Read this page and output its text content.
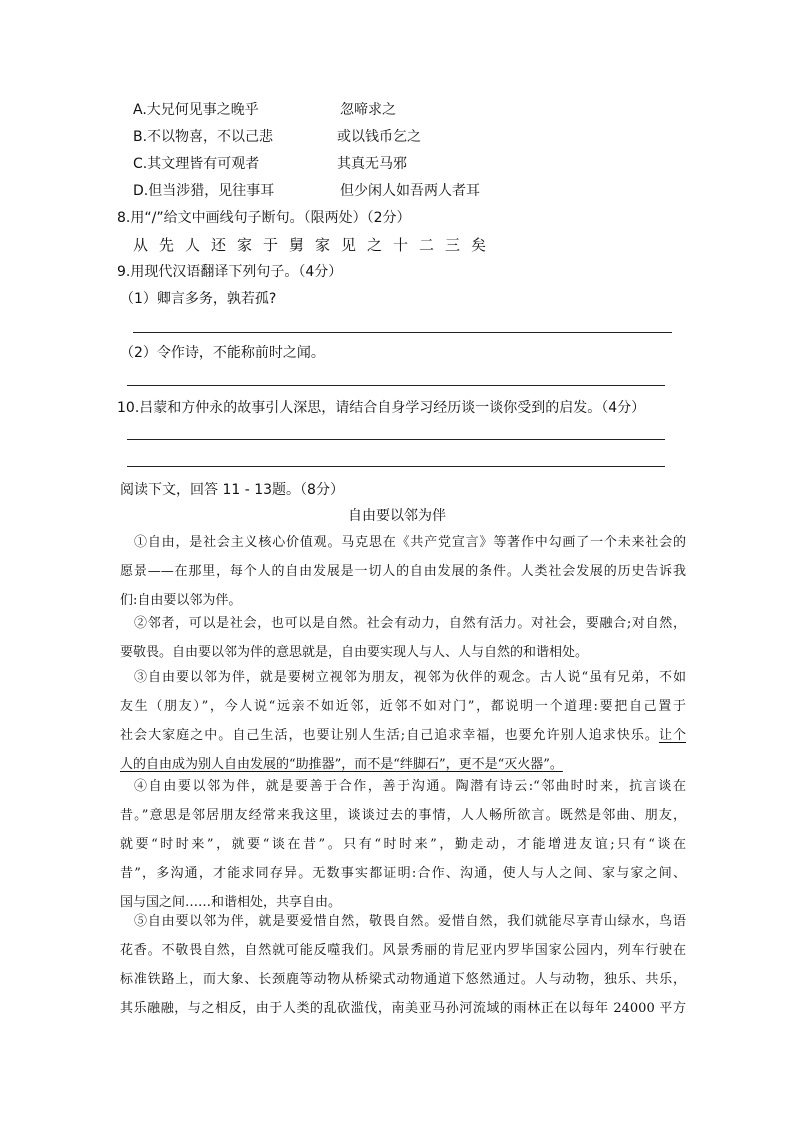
A.大兄何见事之晚乎	忽啼求之
B.不以物喜，不以己悲	或以钱币乞之
C.其文理皆有可观者	其真无马邪
D.但当涉猎，见往事耳	但少闲人如吾两人者耳
8.用“/”给文中画线句子断句。（限两处）（2分）
从先人还家于舅家见之十二三矣
9.用现代汉语翻译下列句子。（4分）
（1）卿言多务，孰若孤?
（2）令作诗，不能称前时之闻。
10.吕蒙和方仲永的故事引人深思，请结合自身学习经历谈一谈你受到的启发。（4分）
阅读下文，回答 11 - 13题。（8分）
自由要以邻为伴
①自由，是社会主义核心价值观。马克思在《共产党宣言》等著作中勾画了一个未来社会的
愿景——在那里，每个人的自由发展是一切人的自由发展的条件。人类社会发展的历史告诉我
们:自由要以邻为伴。
②邻者，可以是社会，也可以是自然。社会有动力，自然有活力。对社会，要融合;对自然，
要敬畏。自由要以邻为伴的意思就是，自由要实现人与人、人与自然的和谐相处。
③自由要以邻为伴，就是要树立视邻为朋友，视邻为伙伴的观念。古人说“虽有兄弟，不如
友生（朋友）”，今人说“远亲不如近邻，近邻不如对门”，都说明一个道理:要把自己置于
社会大家庭之中。自己生活，也要让别人生活;自己追求幸福，也要允许别人追求快乐。让个
人的自由成为别人自由发展的“助推器”，而不是“绊脚石”，更不是“灭火器”。
④自由要以邻为伴，就是要善于合作，善于沟通。陶潜有诗云:“邻曲时时来，抗言谈在
昔。”意思是邻居朋友经常来我这里，谈谈过去的事情，人人畅所欲言。既然是邻曲、朋友，
就要“时时来”，就要“谈在昔”。只有“时时来”，勤走动，才能增进友谊;只有“谈在
昔”，多沟通，才能求同存异。无数事实都证明:合作、沟通，使人与人之间、家与家之间、
国与国之间……和谐相处，共享自由。
⑤自由要以邻为伴，就是要爱惜自然，敬畏自然。爱惜自然，我们就能尽享青山绿水，鸟语
花香。不敬畏自然，自然就可能反噬我们。风景秀丽的肯尼亚内罗毕国家公园内，列车行驶在
标准铁路上，而大象、长颈鹿等动物从桥梁式动物通道下悠然通过。人与动物，独乐、共乐，
其乐融融，与之相反，由于人类的乱砍滥伐，南美亚马孙河流域的雨林正在以每年 24000 平方
